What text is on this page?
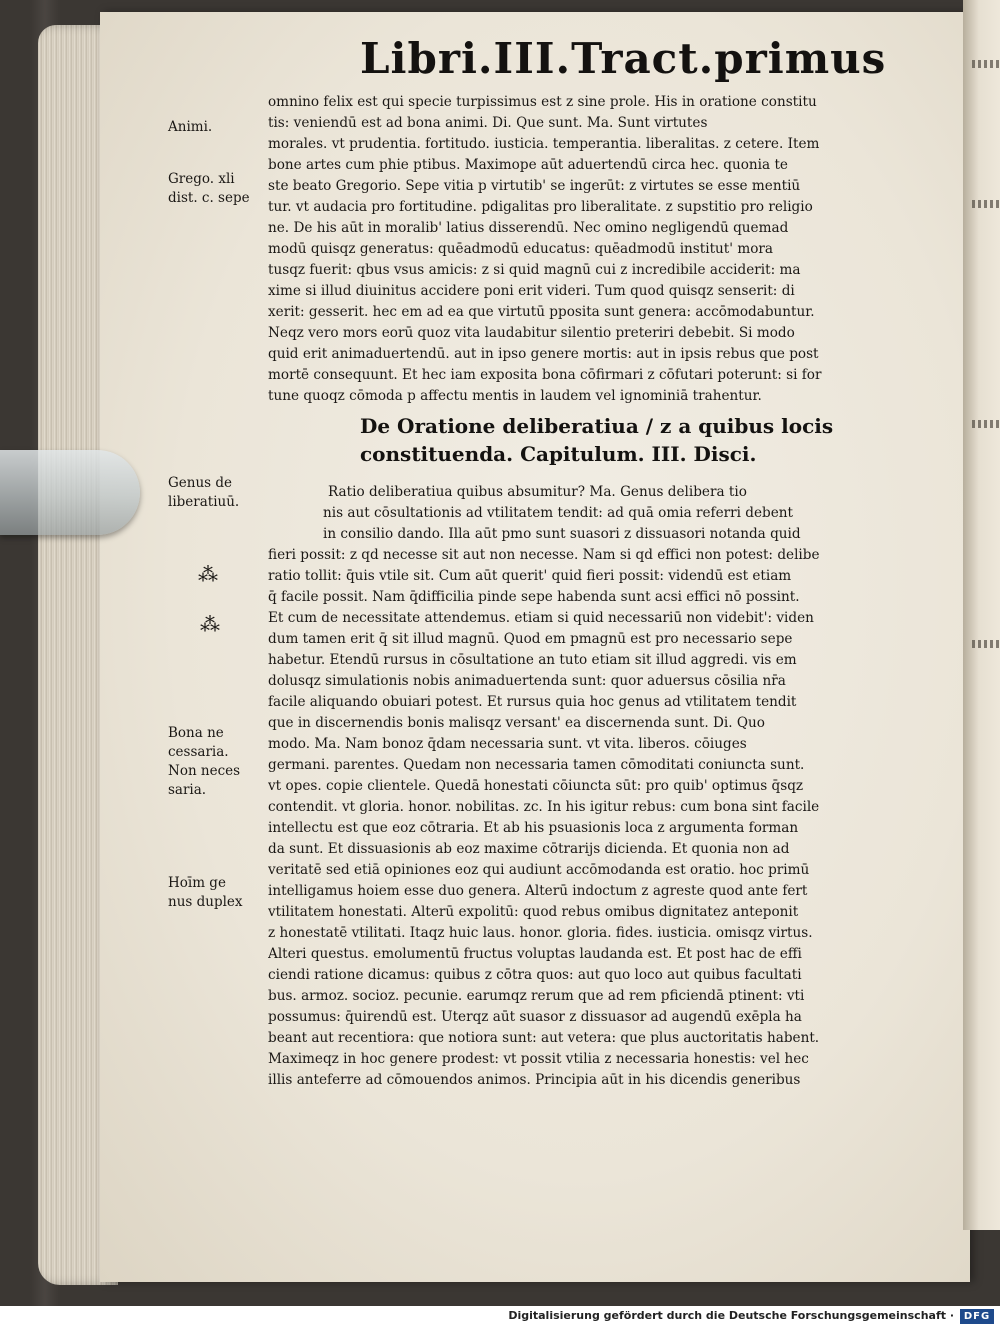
Libri.III.Tract.primus
omnino felix est qui specie turpissimus est z sine prole. His in oratione constitu
tis: veniendū est ad bona animi. Di. Que sunt. Ma. Sunt virtutes
morales. vt prudentia. fortitudo. iusticia. temperantia. liberalitas. z cetere. Item
bone artes cum phie ptibus. Maximope aūt aduertendū circa hec. quonia te
ste beato Gregorio. Sepe vitia p virtutib' se ingerūt: z virtutes se esse mentiū
tur. vt audacia pro fortitudine. pdigalitas pro liberalitate. z supstitio pro religio
ne. De his aūt in moralib' latius disserendū. Nec omino negligendū quemad
modū quisqz generatus: quēadmodū educatus: quēadmodū institut' mora
tusqz fuerit: qbus vsus amicis: z si quid magnū cui z incredibile acciderit: ma
xime si illud diuinitus accidere poni erit videri. Tum quod quisqz senserit: di
xerit: gesserit. hec em ad ea que virtutū pposita sunt genera: accōmodabuntur.
Neqz vero mors eorū quoz vita laudabitur silentio preteriri debebit. Si modo
quid erit animaduertendū. aut in ipso genere mortis: aut in ipsis rebus que post
mortē consequunt. Et hec iam exposita bona cōfirmari z cōfutari poterunt: si for
tune quoqz cōmoda p affectu mentis in laudem vel ignominiā trahentur.
Animi.
Grego. xli
dist. c. sepe
De Oratione deliberatiua / z a quibus locis
constituenda. Capitulum. III. Disci.
Genus de
liberatiuū.
⁂
⁂
Ratio deliberatiua quibus absumitur? Ma. Genus delibera tio
nis aut cōsultationis ad vtilitatem tendit: ad quā omia referri debent
in consilio dando. Illa aūt pmo sunt suasori z dissuasori notanda quid
fieri possit: z qd necesse sit aut non necesse. Nam si qd effici non potest: delibe
ratio tollit: q̄uis vtile sit. Cum aūt querit' quid fieri possit: videndū est etiam
q̄ facile possit. Nam q̄difficilia pinde sepe habenda sunt acsi effici nō possint.
Et cum de necessitate attendemus. etiam si quid necessariū non videbit': viden
dum tamen erit q̄ sit illud magnū. Quod em pmagnū est pro necessario sepe
habetur. Etendū rursus in cōsultatione an tuto etiam sit illud aggredi. vis em
dolusqz simulationis nobis animaduertenda sunt: quor aduersus cōsilia nr̄a
facile aliquando obuiari potest. Et rursus quia hoc genus ad vtilitatem tendit
que in discernendis bonis malisqz versant' ea discernenda sunt. Di. Quo
modo. Ma. Nam bonoz q̄dam necessaria sunt. vt vita. liberos. cōiuges
germani. parentes. Quedam non necessaria tamen cōmoditati coniuncta sunt.
vt opes. copie clientele. Quedā honestati cōiuncta sūt: pro quib' optimus q̄sqz
contendit. vt gloria. honor. nobilitas. zc. In his igitur rebus: cum bona sint facile
intellectu est que eoz cōtraria. Et ab his psuasionis loca z argumenta forman
da sunt. Et dissuasionis ab eoz maxime cōtrarijs dicienda. Et quonia non ad
veritatē sed etiā opiniones eoz qui audiunt accōmodanda est oratio. hoc primū
intelligamus hoiem esse duo genera. Alterū indoctum z agreste quod ante fert
vtilitatem honestati. Alterū expolitū: quod rebus omibus dignitatez anteponit
z honestatē vtilitati. Itaqz huic laus. honor. gloria. fides. iusticia. omisqz virtus.
Alteri questus. emolumentū fructus voluptas laudanda est. Et post hac de effi
ciendi ratione dicamus: quibus z cōtra quos: aut quo loco aut quibus facultati
bus. armoz. socioz. pecunie. earumqz rerum que ad rem pficiendā ptinent: vti
possumus: q̄uirendū est. Uterqz aūt suasor z dissuasor ad augendū exēpla ha
beant aut recentiora: que notiora sunt: aut vetera: que plus auctoritatis habent.
Maximeqz in hoc genere prodest: vt possit vtilia z necessaria honestis: vel hec
illis anteferre ad cōmouendos animos. Principia aūt in his dicendis generibus
Bona ne
cessaria.
Non neces
saria.
Hoīm ge
nus duplex
Digitalisierung gefördert durch die Deutsche Forschungsgemeinschaft · DFG
